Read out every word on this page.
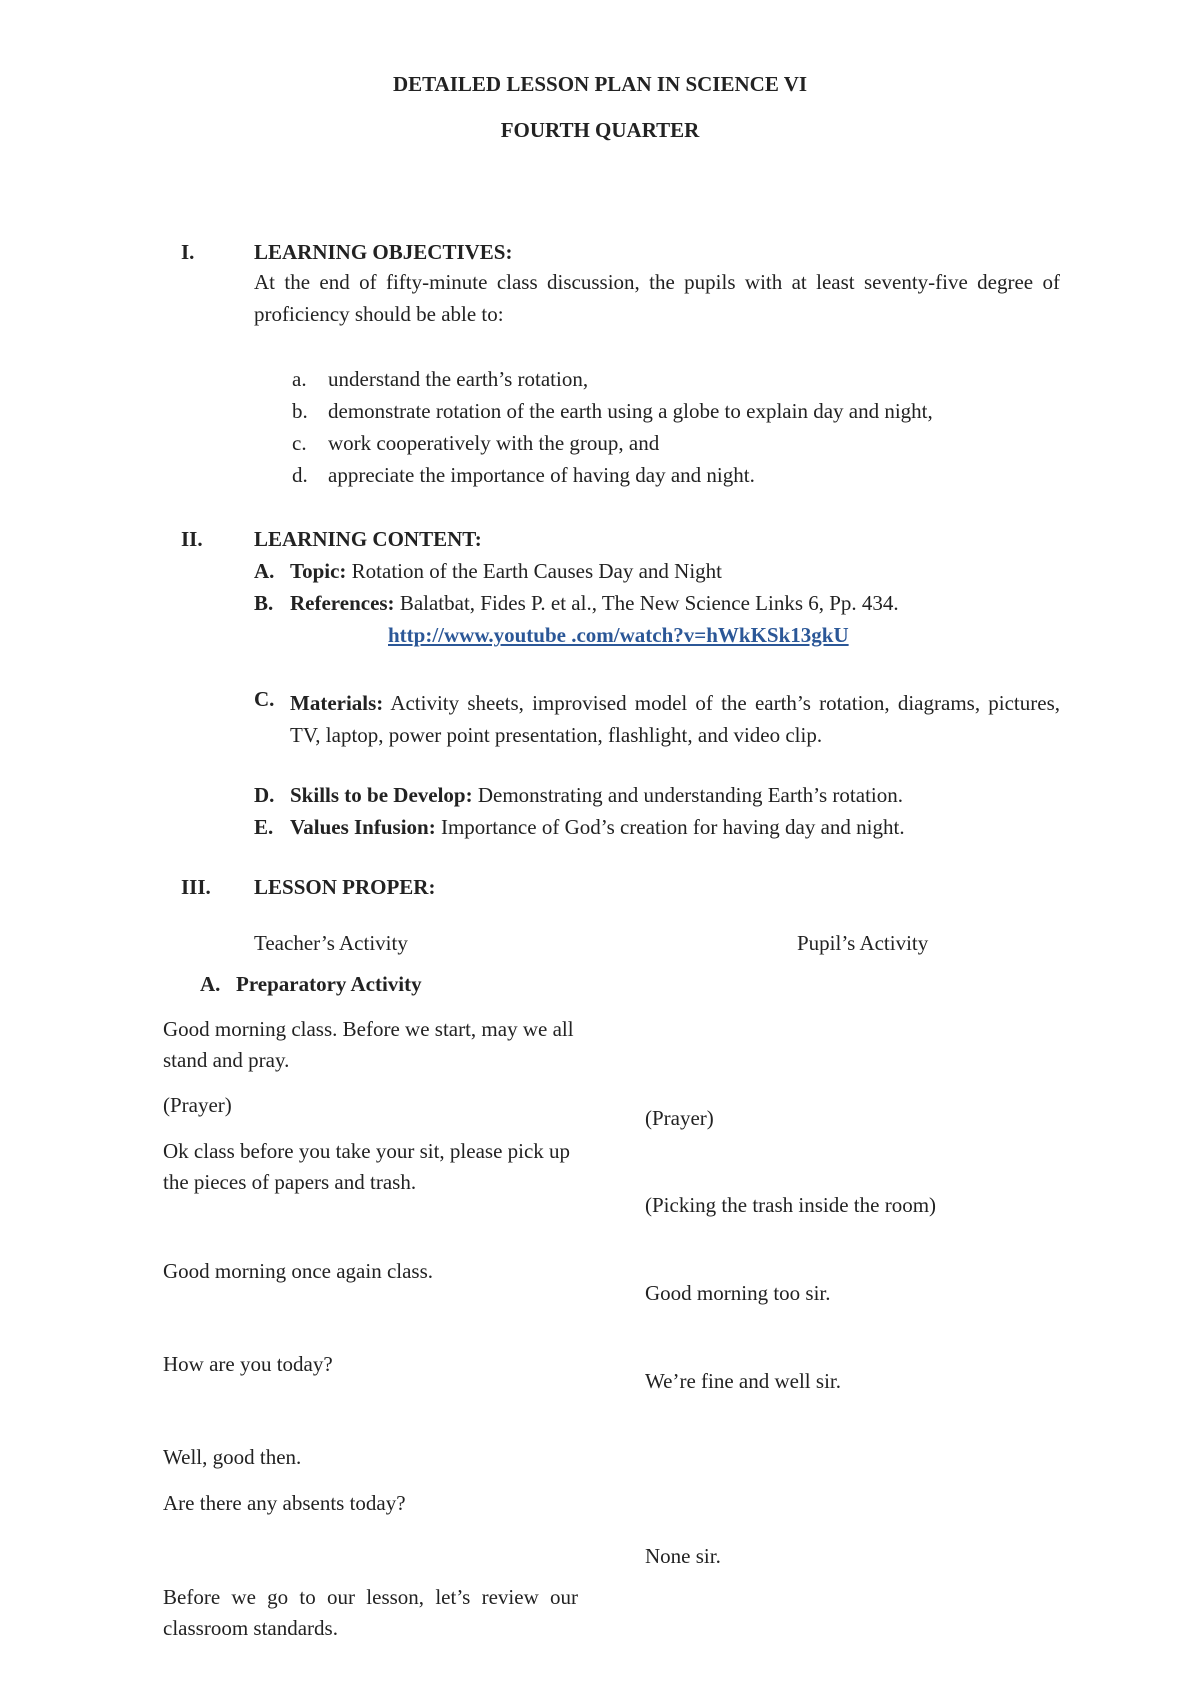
DETAILED LESSON PLAN IN SCIENCE VI
FOURTH QUARTER
I.	LEARNING OBJECTIVES:
At the end of fifty-minute class discussion, the pupils with at least seventy-five degree of proficiency should be able to:
a. understand the earth’s rotation,
b. demonstrate rotation of the earth using a globe to explain day and night,
c. work cooperatively with the group, and
d. appreciate the importance of having day and night.
II. LEARNING CONTENT:
A. Topic: Rotation of the Earth Causes Day and Night
B. References: Balatbat, Fides P. et al., The New Science Links 6, Pp. 434.
http://www.youtube .com/watch?v=hWkKSk13gkU
C. Materials: Activity sheets, improvised model of the earth’s rotation, diagrams, pictures, TV, laptop, power point presentation, flashlight, and video clip.
D. Skills to be Develop: Demonstrating and understanding Earth’s rotation.
E. Values Infusion: Importance of God’s creation for having day and night.
III. LESSON PROPER:
Teacher’s Activity	Pupil’s Activity
A. Preparatory Activity
Good morning class. Before we start, may we all stand and pray.
(Prayer)
Ok class before you take your sit, please pick up the pieces of papers and trash.
Good morning once again class.
How are you today?
Well, good then.
Are there any absents today?
Before we go to our lesson, let’s review our classroom standards.
(Prayer)
(Picking the trash inside the room)
Good morning too sir.
We’re fine and well sir.
None sir.
